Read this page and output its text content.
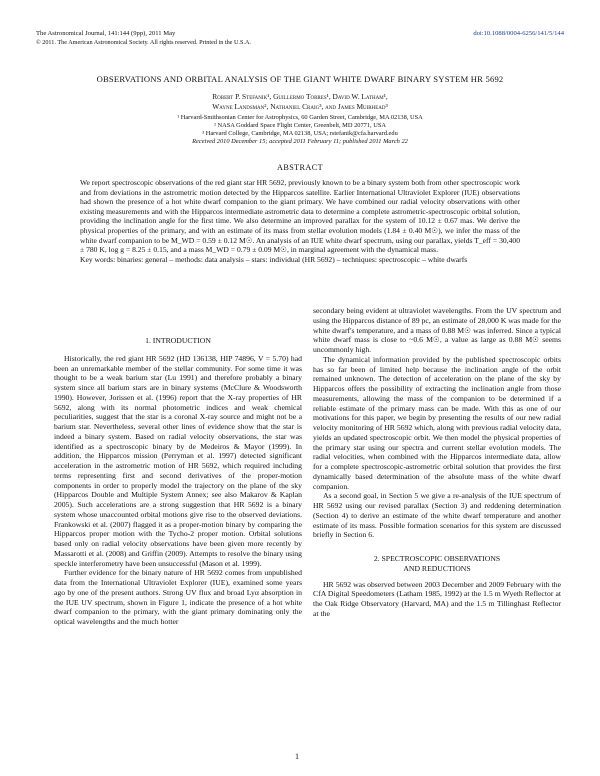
The Astronomical Journal, 141:144 (9pp), 2011 May	doi:10.1088/0004-6256/141/5/144
© 2011. The American Astronomical Society. All rights reserved. Printed in the U.S.A.
OBSERVATIONS AND ORBITAL ANALYSIS OF THE GIANT WHITE DWARF BINARY SYSTEM HR 5692
Robert P. Stefanik¹, Guillermo Torres¹, David W. Latham¹,
Wayne Landsman², Nathaniel Craig³, and James Muirhead³
¹ Harvard-Smithsonian Center for Astrophysics, 60 Garden Street, Cambridge, MA 02138, USA
² NASA Goddard Space Flight Center, Greenbelt, MD 20771, USA
³ Harvard College, Cambridge, MA 02138, USA; rstefanik@cfa.harvard.edu
Received 2010 December 15; accepted 2011 February 11; published 2011 March 22
ABSTRACT
We report spectroscopic observations of the red giant star HR 5692, previously known to be a binary system both from other spectroscopic work and from deviations in the astrometric motion detected by the Hipparcos satellite. Earlier International Ultraviolet Explorer (IUE) observations had shown the presence of a hot white dwarf companion to the giant primary. We have combined our radial velocity observations with other existing measurements and with the Hipparcos intermediate astrometric data to determine a complete astrometric-spectroscopic orbital solution, providing the inclination angle for the first time. We also determine an improved parallax for the system of 10.12 ± 0.67 mas. We derive the physical properties of the primary, and with an estimate of its mass from stellar evolution models (1.84 ± 0.40 M☉), we infer the mass of the white dwarf companion to be M_WD = 0.59 ± 0.12 M☉. An analysis of an IUE white dwarf spectrum, using our parallax, yields T_eff = 30,400 ± 780 K, log g = 8.25 ± 0.15, and a mass M_WD = 0.79 ± 0.09 M☉, in marginal agreement with the dynamical mass.
Key words: binaries: general – methods: data analysis – stars: individual (HR 5692) – techniques: spectroscopic – white dwarfs

1. INTRODUCTION

Historically, the red giant HR 5692 (HD 136138, HIP 74896, V = 5.70) had been an unremarkable member of the stellar community. For some time it was thought to be a weak barium star (Lu 1991) and therefore probably a binary system since all barium stars are in binary systems (McClure & Woodsworth 1990). However, Jorissen et al. (1996) report that the X-ray properties of HR 5692, along with its normal photometric indices and weak chemical peculiarities, suggest that the star is a coronal X-ray source and might not be a barium star. Nevertheless, several other lines of evidence show that the star is indeed a binary system. Based on radial velocity observations, the star was identified as a spectroscopic binary by de Medeiros & Mayor (1999). In addition, the Hipparcos mission (Perryman et al. 1997) detected significant acceleration in the astrometric motion of HR 5692, which required including terms representing first and second derivatives of the proper-motion components in order to properly model the trajectory on the plane of the sky (Hipparcos Double and Multiple System Annex; see also Makarov & Kaplan 2005). Such accelerations are a strong suggestion that HR 5692 is a binary system whose unaccounted orbital motions give rise to the observed deviations. Frankowski et al. (2007) flagged it as a proper-motion binary by comparing the Hipparcos proper motion with the Tycho-2 proper motion. Orbital solutions based only on radial velocity observations have been given more recently by Massarotti et al. (2008) and Griffin (2009). Attempts to resolve the binary using speckle interferometry have been unsuccessful (Mason et al. 1999).

Further evidence for the binary nature of HR 5692 comes from unpublished data from the International Ultraviolet Explorer (IUE), examined some years ago by one of the present authors. Strong UV flux and broad Lyα absorption in the IUE UV spectrum, shown in Figure 1, indicate the presence of a hot white dwarf companion to the primary, with the giant primary dominating only the optical wavelengths and the much hotter

secondary being evident at ultraviolet wavelengths. From the UV spectrum and using the Hipparcos distance of 89 pc, an estimate of 28,000 K was made for the white dwarf's temperature, and a mass of 0.88 M☉ was inferred. Since a typical white dwarf mass is close to ~0.6 M☉, a value as large as 0.88 M☉ seems uncommonly high.

The dynamical information provided by the published spectroscopic orbits has so far been of limited help because the inclination angle of the orbit remained unknown. The detection of acceleration on the plane of the sky by Hipparcos offers the possibility of extracting the inclination angle from those measurements, allowing the mass of the companion to be determined if a reliable estimate of the primary mass can be made. With this as one of our motivations for this paper, we begin by presenting the results of our new radial velocity monitoring of HR 5692 which, along with previous radial velocity data, yields an updated spectroscopic orbit. We then model the physical properties of the primary star using our spectra and current stellar evolution models. The radial velocities, when combined with the Hipparcos intermediate data, allow for a complete spectroscopic-astrometric orbital solution that provides the first dynamically based determination of the absolute mass of the white dwarf companion.

As a second goal, in Section 5 we give a re-analysis of the IUE spectrum of HR 5692 using our revised parallax (Section 3) and reddening determination (Section 4) to derive an estimate of the white dwarf temperature and another estimate of its mass. Possible formation scenarios for this system are discussed briefly in Section 6.

2. SPECTROSCOPIC OBSERVATIONS

AND REDUCTIONS

HR 5692 was observed between 2003 December and 2009 February with the CfA Digital Speedometers (Latham 1985, 1992) at the 1.5 m Wyeth Reflector at the Oak Ridge Observatory (Harvard, MA) and the 1.5 m Tillinghast Reflector at the

1
